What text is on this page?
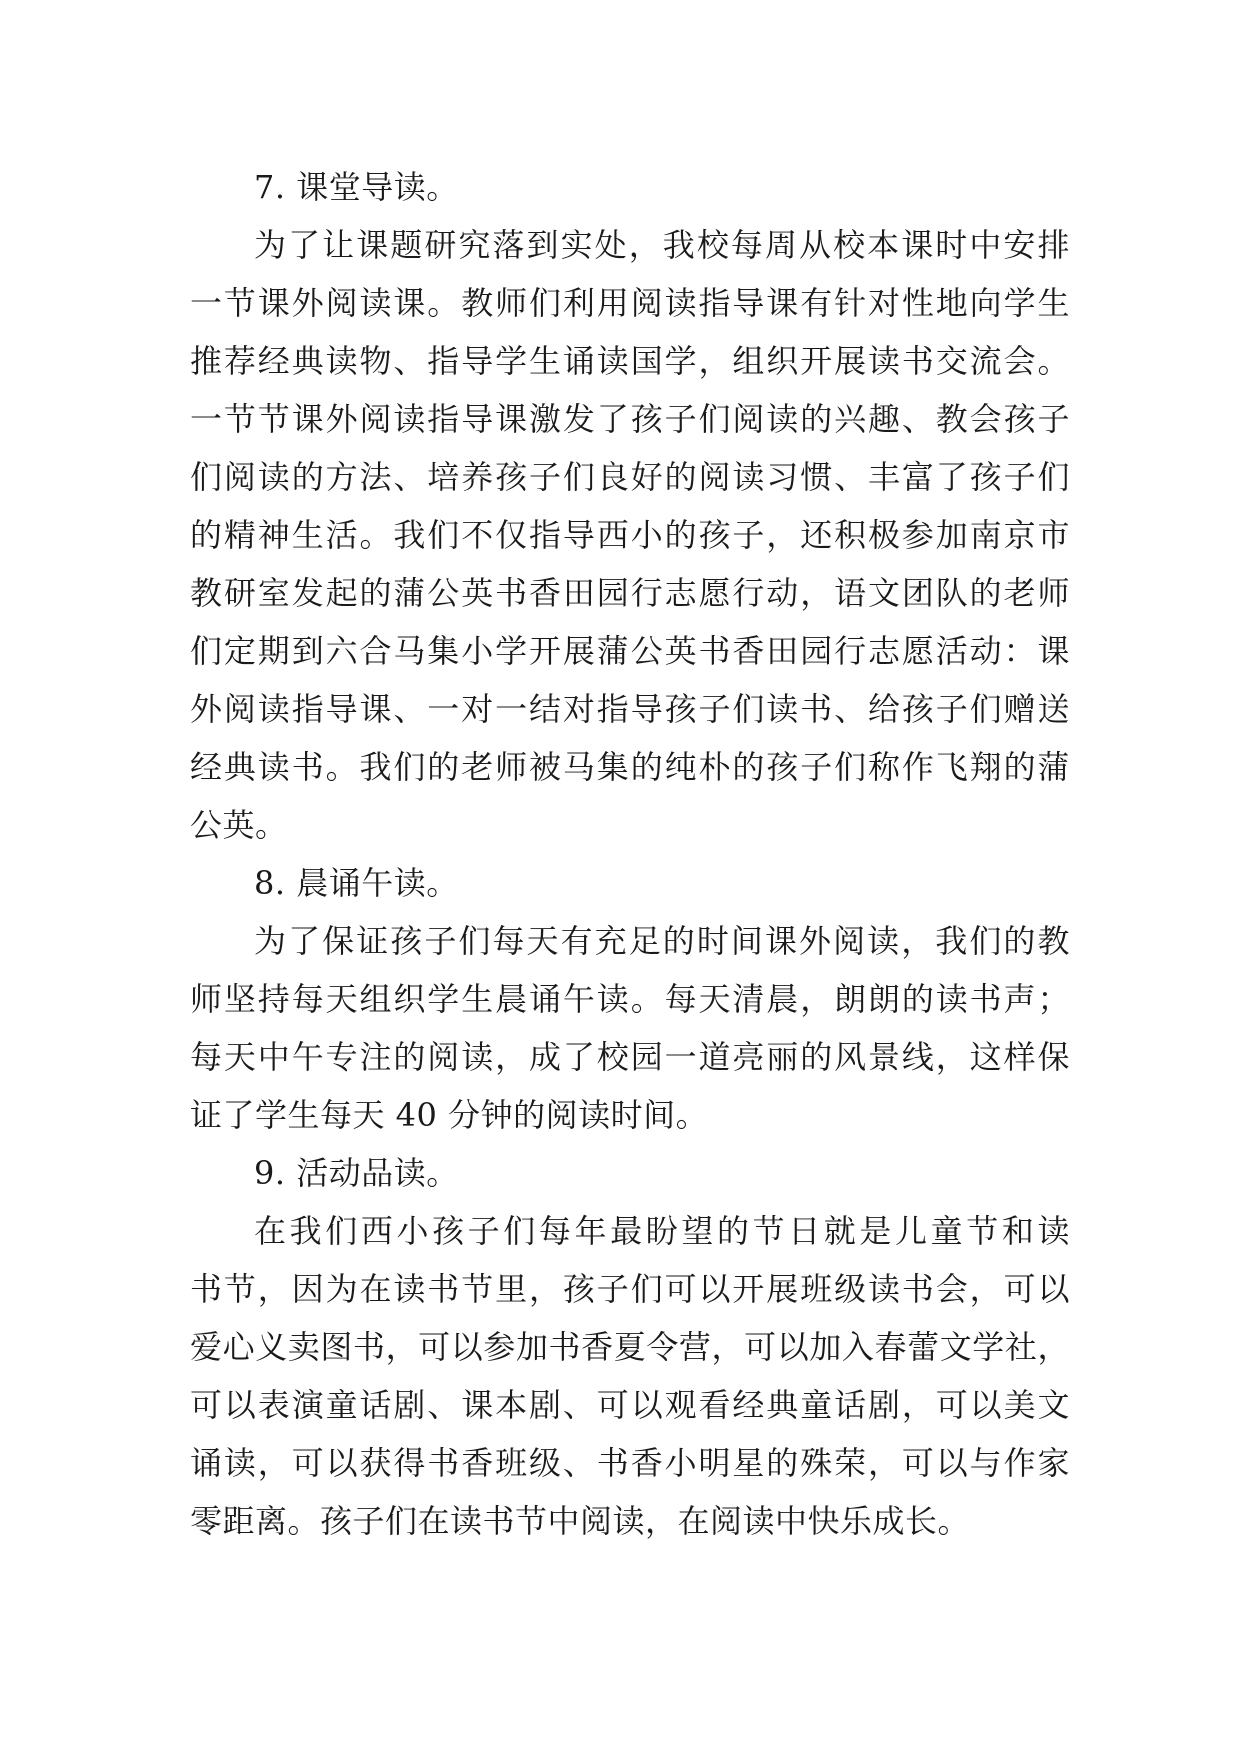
7. 课堂导读。

为了让课题研究落到实处，我校每周从校本课时中安排
一节课外阅读课。教师们利用阅读指导课有针对性地向学生
推荐经典读物、指导学生诵读国学，组织开展读书交流会。
一节节课外阅读指导课激发了孩子们阅读的兴趣、教会孩子
们阅读的方法、培养孩子们良好的阅读习惯、丰富了孩子们
的精神生活。我们不仅指导西小的孩子，还积极参加南京市
教研室发起的蒲公英书香田园行志愿行动，语文团队的老师
们定期到六合马集小学开展蒲公英书香田园行志愿活动：课
外阅读指导课、一对一结对指导孩子们读书、给孩子们赠送
经典读书。我们的老师被马集的纯朴的孩子们称作飞翔的蒲
公英。

8. 晨诵午读。

为了保证孩子们每天有充足的时间课外阅读，我们的教
师坚持每天组织学生晨诵午读。每天清晨，朗朗的读书声；
每天中午专注的阅读，成了校园一道亮丽的风景线，这样保
证了学生每天 40 分钟的阅读时间。

9. 活动品读。

在我们西小孩子们每年最盼望的节日就是儿童节和读
书节，因为在读书节里，孩子们可以开展班级读书会，可以
爱心义卖图书，可以参加书香夏令营，可以加入春蕾文学社，
可以表演童话剧、课本剧、可以观看经典童话剧，可以美文
诵读，可以获得书香班级、书香小明星的殊荣，可以与作家
零距离。孩子们在读书节中阅读，在阅读中快乐成长。
